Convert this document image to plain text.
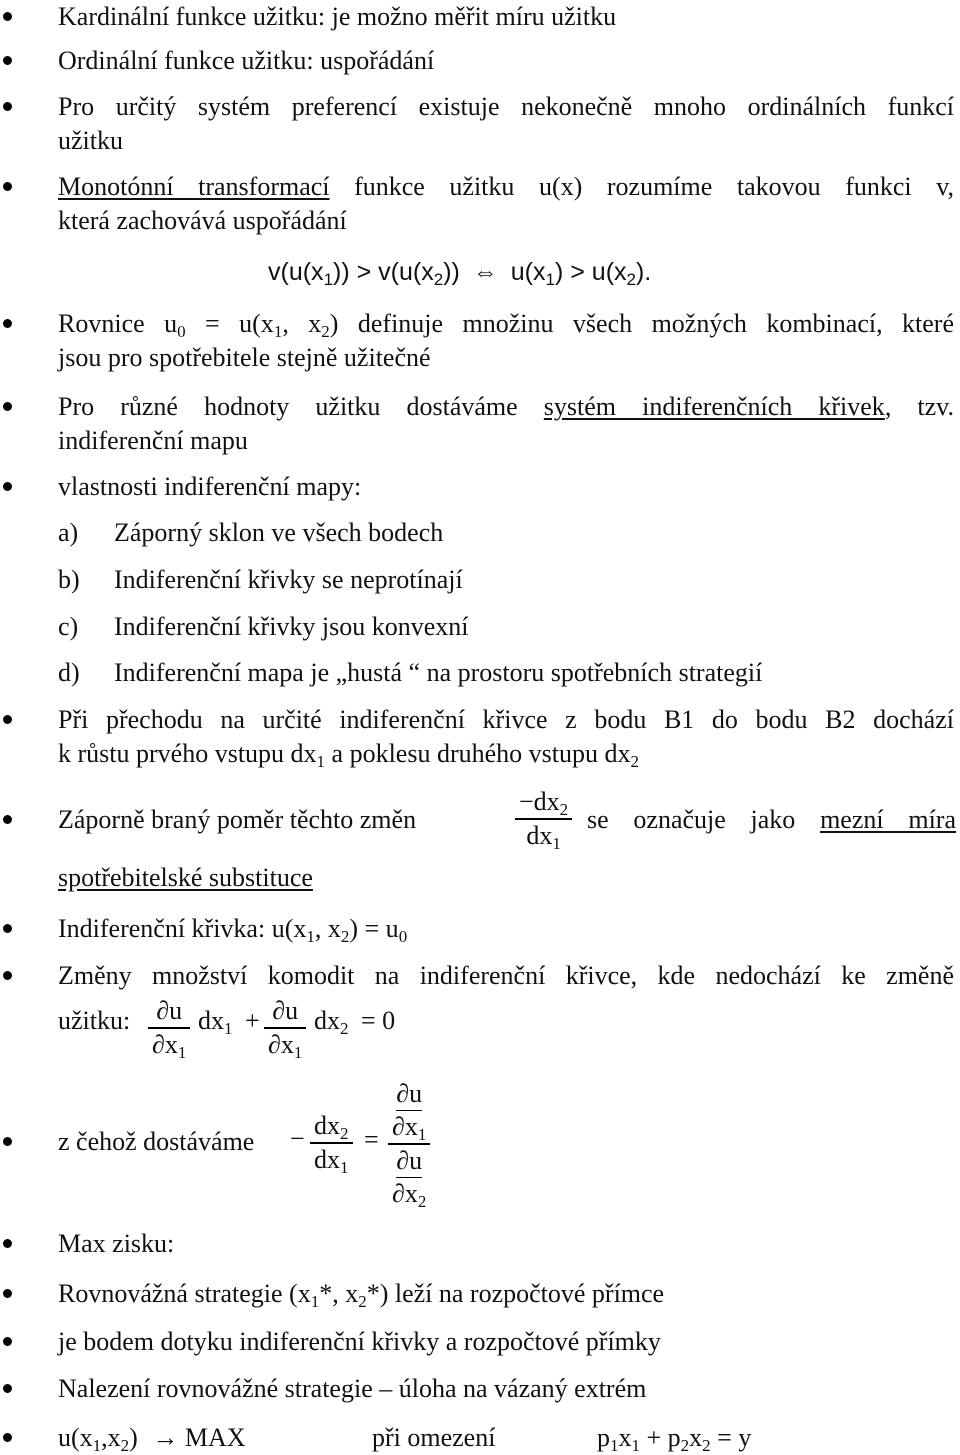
Kardinální funkce užitku: je možno měřit míru užitku
Ordinální funkce užitku: uspořádání
Pro určitý systém preferencí existuje nekonečně mnoho ordinálních funkcí
užitku
Monotónní transformací funkce užitku u(x) rozumíme takovou funkci v,
která zachovává uspořádání
$v(u(x_1)) > v(u(x_2))$ ⇔ $u(x_1) > u(x_2)$.
Rovnice $u_0 = u(x_1$, $x_2$) definuje množinu všech možných kombinací, které
jsou pro spotřebitele stejně užitečné
Pro různé hodnoty užitku dostáváme systém indiferenčních křivek, tzv.
indiferenční mapu
vlastnosti indiferenční mapy:
a) Záporný sklon ve všech bodech
b) Indiferenční křivky se neprotínají
c) Indiferenční křivky jsou konvexní
d) Indiferenční mapa je „hustá “ na prostoru spotřebních strategií
Při přechodu na určité indiferenční křivce z bodu B1 do bodu B2 dochází
k růstu prvého vstupu $dx_1$ a poklesu druhého vstupu $dx_2$
Záporně braný poměr těchto změn
$-dx_2$
$dx_1$
se označuje jako mezní míra
spotřebitelské substituce
Indiferenční křivka: $u(x_1$, $x_2) = u_0$
Změny množství komodit na indiferenční křivce, kde nedochází ke změně
užitku:	∂u
$\partial x_1$
$dx_1 + \partial u$
$\partial x_1$
$dx_2 = 0$
z čehož dostáváme	− $dx_2$
$dx_1$
=
∂u
$\partial x_1$
∂u
$\partial x_2$
Max zisku:
Rovnovážná strategie ($x_1*$, $x_2*$) leží na rozpočtové přímce
je bodem dotyku indiferenční křivky a rozpočtové přímky
Nalezení rovnovážné strategie – úloha na vázaný extrém
$u(x_1,x_2)$ → MAX	při omezení	$p_1x_1 + p_2x_2 = y$
